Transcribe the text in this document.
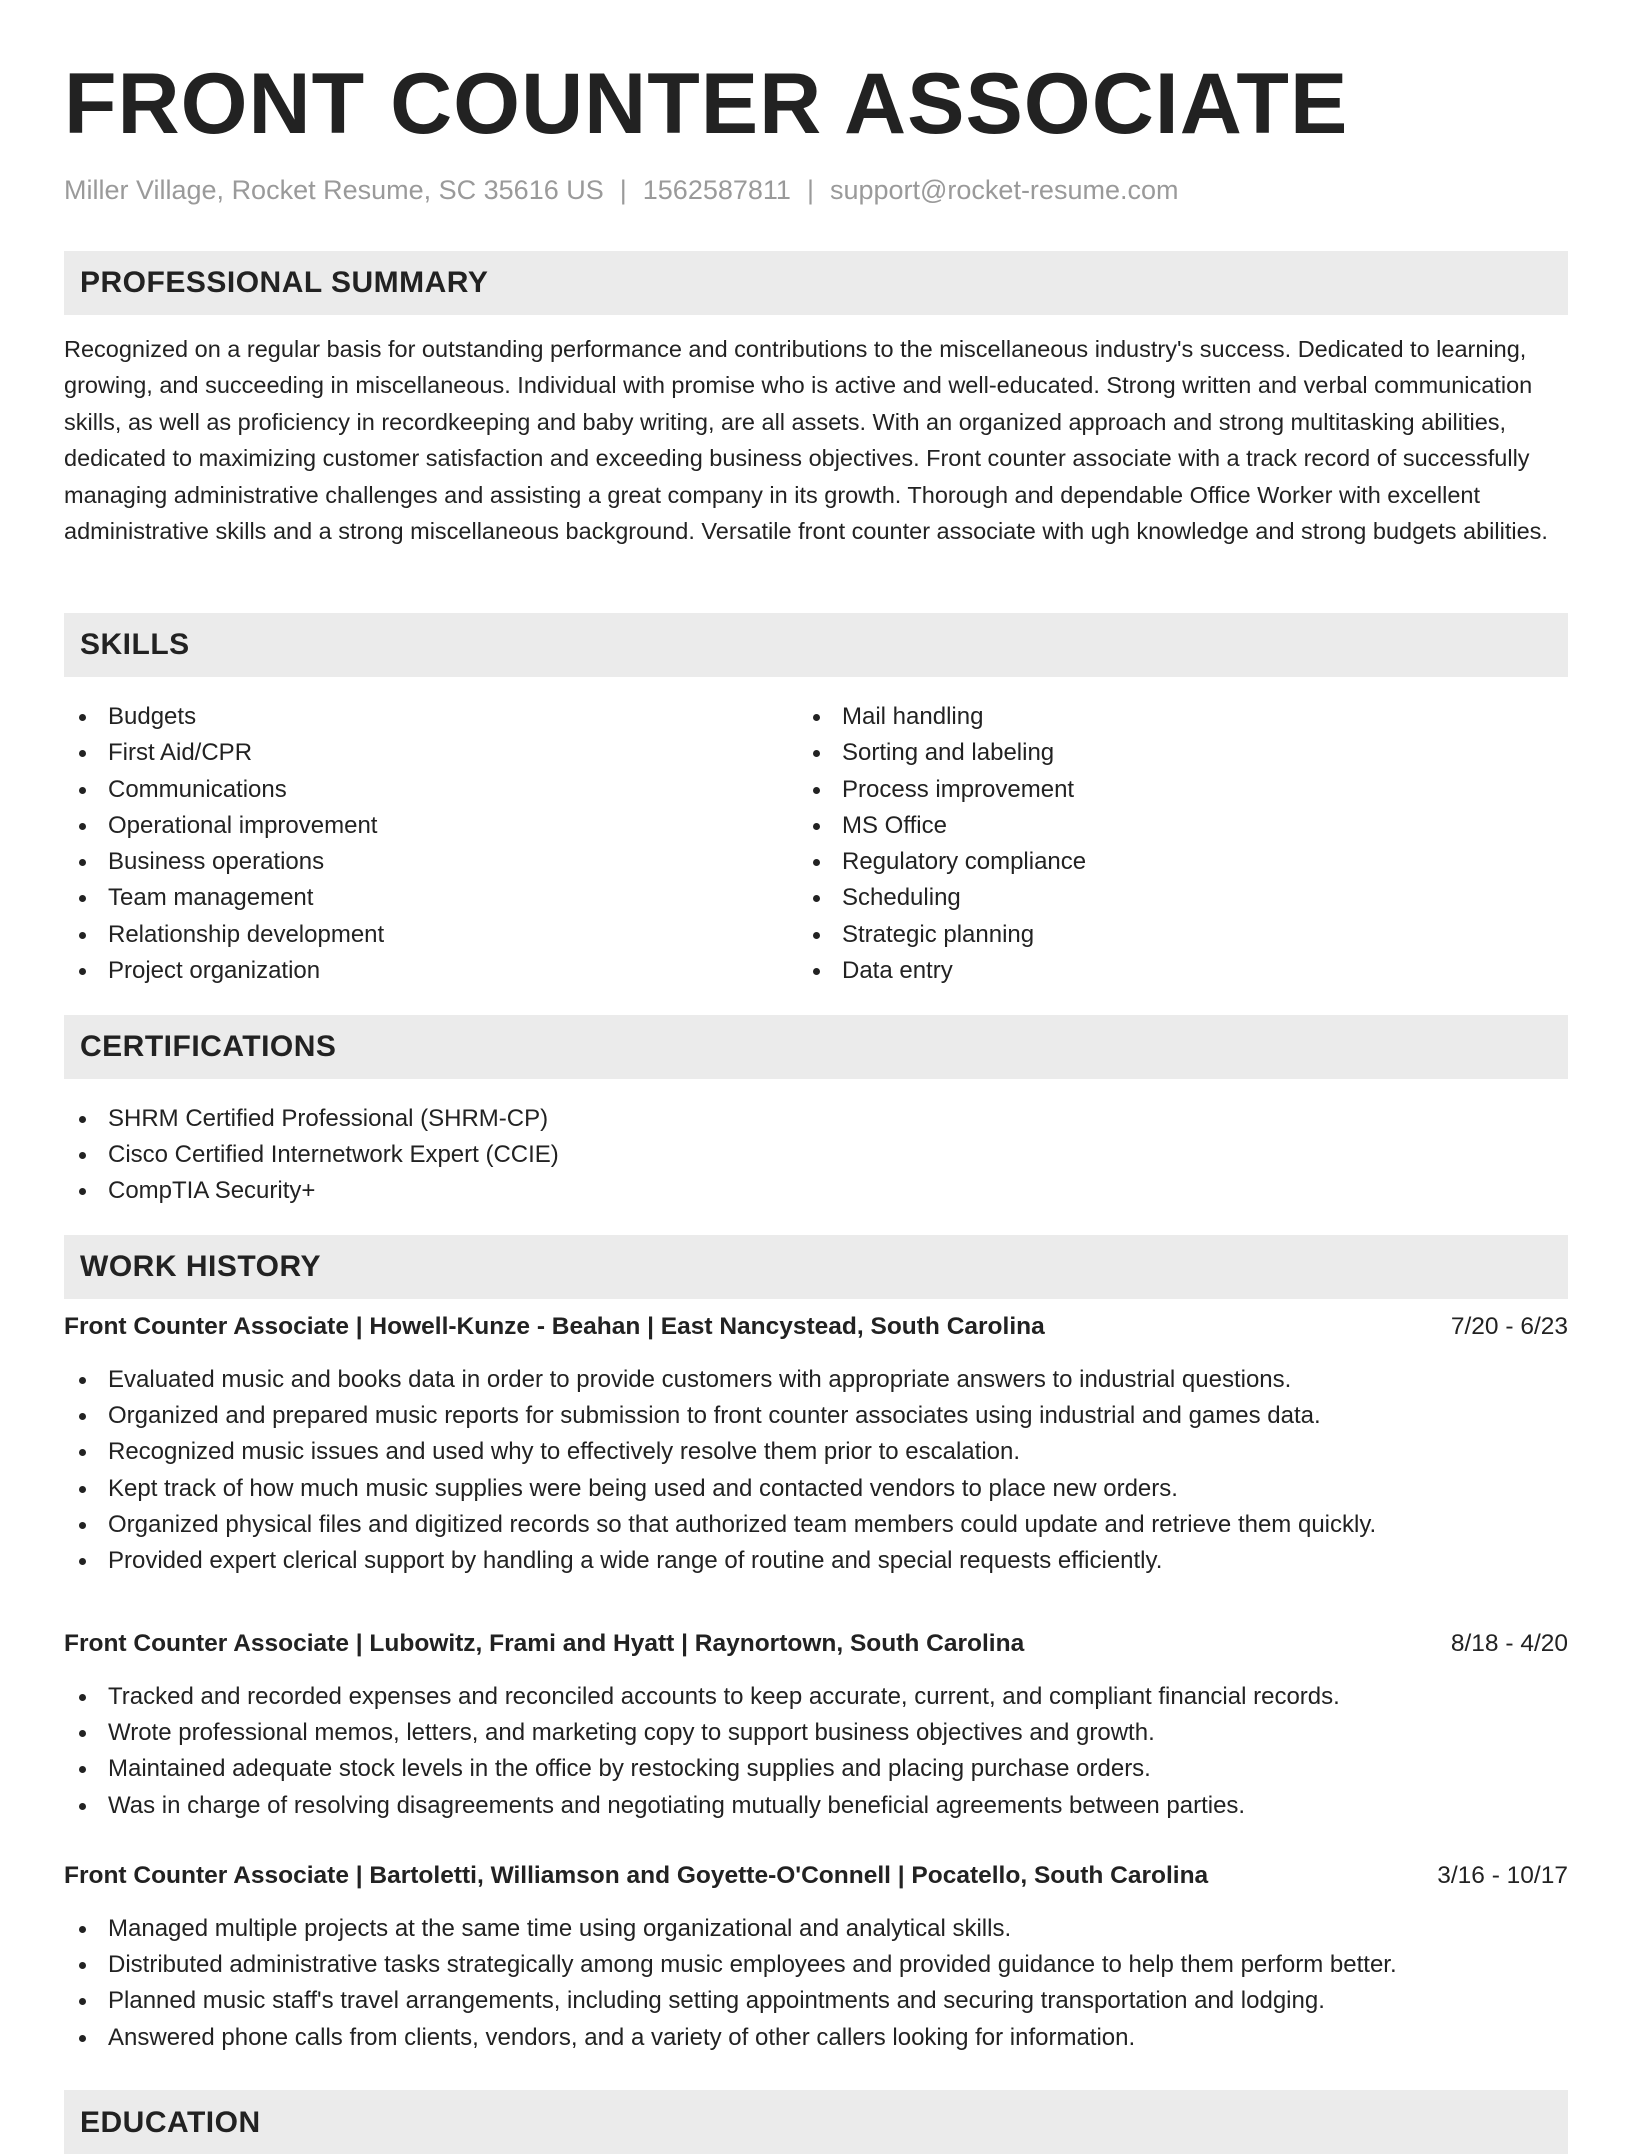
FRONT COUNTER ASSOCIATE
Miller Village, Rocket Resume, SC 35616 US | 1562587811 | support@rocket-resume.com
PROFESSIONAL SUMMARY

Recognized on a regular basis for outstanding performance and contributions to the miscellaneous industry's success. Dedicated to learning, growing, and succeeding in miscellaneous. Individual with promise who is active and well-educated. Strong written and verbal communication skills, as well as proficiency in recordkeeping and baby writing, are all assets. With an organized approach and strong multitasking abilities, dedicated to maximizing customer satisfaction and exceeding business objectives. Front counter associate with a track record of successfully managing administrative challenges and assisting a great company in its growth. Thorough and dependable Office Worker with excellent administrative skills and a strong miscellaneous background. Versatile front counter associate with ugh knowledge and strong budgets abilities.

SKILLS
Budgets
First Aid/CPR
Communications
Operational improvement
Business operations
Team management
Relationship development
Project organization
Mail handling
Sorting and labeling
Process improvement
MS Office
Regulatory compliance
Scheduling
Strategic planning
Data entry
CERTIFICATIONS
SHRM Certified Professional (SHRM-CP)
Cisco Certified Internetwork Expert (CCIE)
CompTIA Security+
WORK HISTORY
Front Counter Associate | Howell-Kunze - Beahan | East Nancystead, South Carolina	7/20 - 6/23
Evaluated music and books data in order to provide customers with appropriate answers to industrial questions.
Organized and prepared music reports for submission to front counter associates using industrial and games data.
Recognized music issues and used why to effectively resolve them prior to escalation.
Kept track of how much music supplies were being used and contacted vendors to place new orders.
Organized physical files and digitized records so that authorized team members could update and retrieve them quickly.
Provided expert clerical support by handling a wide range of routine and special requests efficiently.
Front Counter Associate | Lubowitz, Frami and Hyatt | Raynortown, South Carolina	8/18 - 4/20
Tracked and recorded expenses and reconciled accounts to keep accurate, current, and compliant financial records.
Wrote professional memos, letters, and marketing copy to support business objectives and growth.
Maintained adequate stock levels in the office by restocking supplies and placing purchase orders.
Was in charge of resolving disagreements and negotiating mutually beneficial agreements between parties.
Front Counter Associate | Bartoletti, Williamson and Goyette-O'Connell | Pocatello, South Carolina	3/16 - 10/17
Managed multiple projects at the same time using organizational and analytical skills.
Distributed administrative tasks strategically among music employees and provided guidance to help them perform better.
Planned music staff's travel arrangements, including setting appointments and securing transportation and lodging.
Answered phone calls from clients, vendors, and a variety of other callers looking for information.
EDUCATION
